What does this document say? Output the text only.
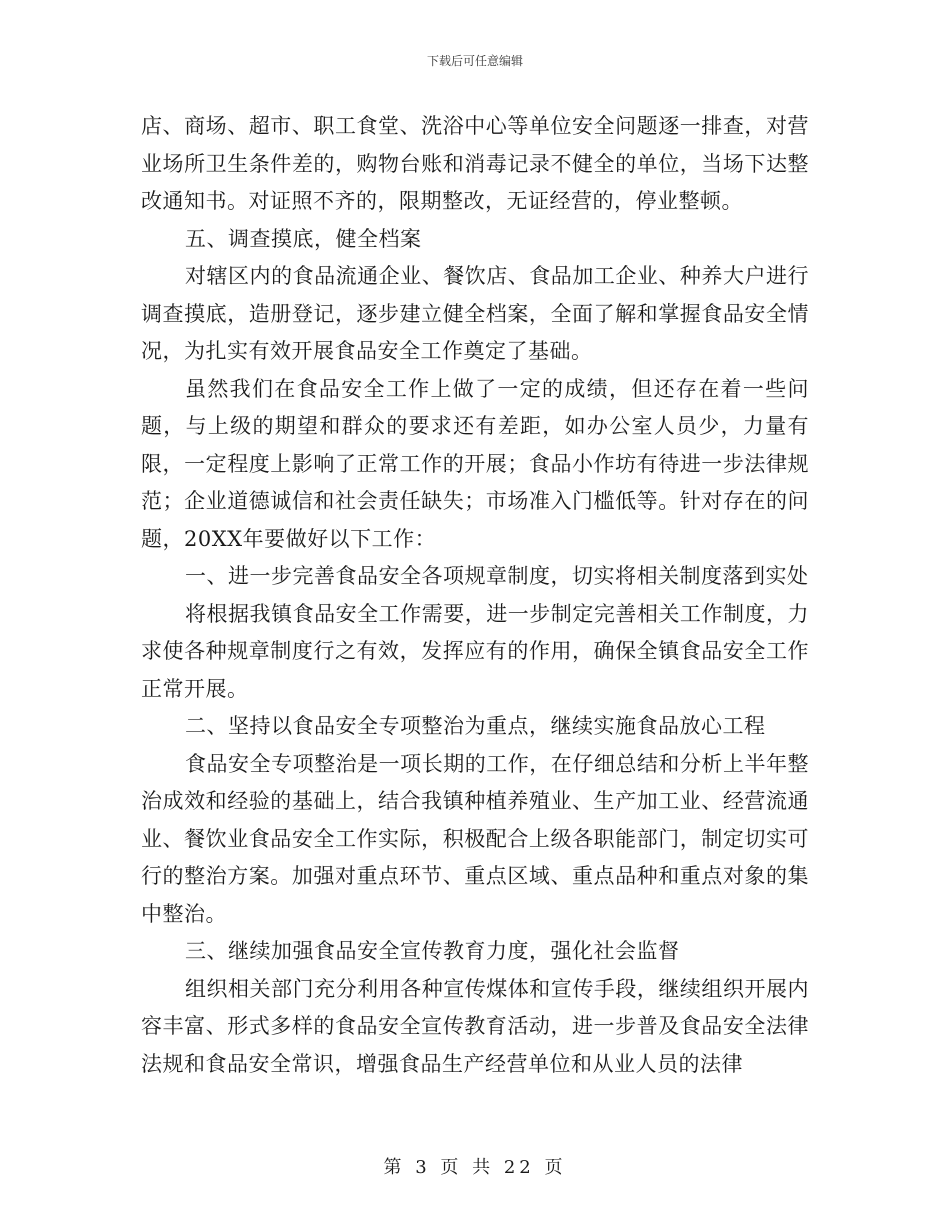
下载后可任意编辑

店、商场、超市、职工食堂、洗浴中心等单位安全问题逐一排查，对营业场所卫生条件差的，购物台账和消毒记录不健全的单位，当场下达整改通知书。对证照不齐的，限期整改，无证经营的，停业整顿。

五、调查摸底，健全档案

对辖区内的食品流通企业、餐饮店、食品加工企业、种养大户进行调查摸底，造册登记，逐步建立健全档案，全面了解和掌握食品安全情况，为扎实有效开展食品安全工作奠定了基础。

虽然我们在食品安全工作上做了一定的成绩，但还存在着一些问题，与上级的期望和群众的要求还有差距，如办公室人员少，力量有限，一定程度上影响了正常工作的开展；食品小作坊有待进一步法律规范；企业道德诚信和社会责任缺失；市场准入门槛低等。针对存在的问题，20XX年要做好以下工作：

一、进一步完善食品安全各项规章制度，切实将相关制度落到实处

将根据我镇食品安全工作需要，进一步制定完善相关工作制度，力求使各种规章制度行之有效，发挥应有的作用，确保全镇食品安全工作正常开展。

二、坚持以食品安全专项整治为重点，继续实施食品放心工程

食品安全专项整治是一项长期的工作，在仔细总结和分析上半年整治成效和经验的基础上，结合我镇种植养殖业、生产加工业、经营流通业、餐饮业食品安全工作实际，积极配合上级各职能部门，制定切实可行的整治方案。加强对重点环节、重点区域、重点品种和重点对象的集中整治。

三、继续加强食品安全宣传教育力度，强化社会监督

组织相关部门充分利用各种宣传煤体和宣传手段，继续组织开展内容丰富、形式多样的食品安全宣传教育活动，进一步普及食品安全法律法规和食品安全常识，增强食品生产经营单位和从业人员的法律

第 3 页 共 22 页
